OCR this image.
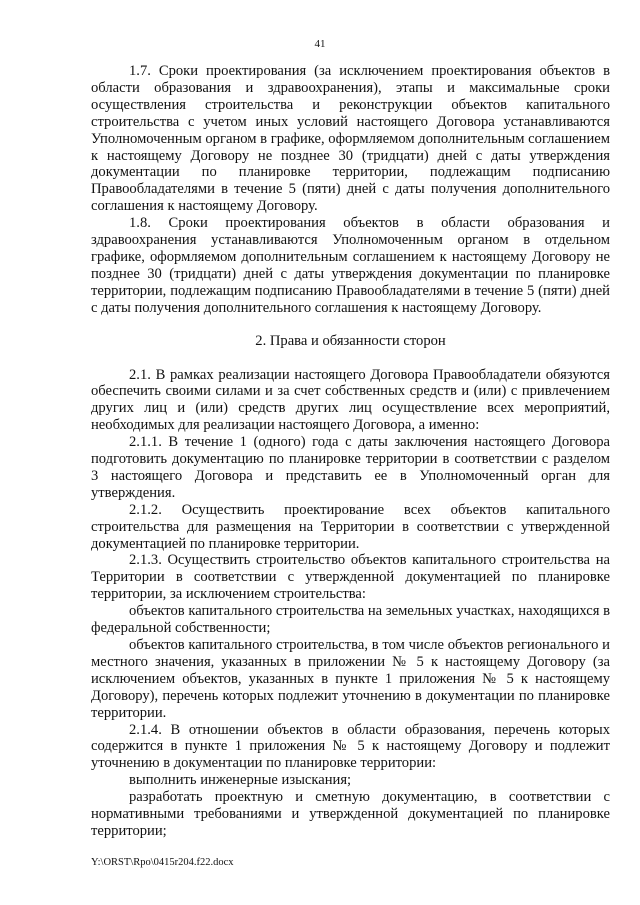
41

1.7. Сроки проектирования (за исключением проектирования объектов в области образования и здравоохранения), этапы и максимальные сроки осуществления строительства и реконструкции объектов капитального строительства с учетом иных условий настоящего Договора устанавливаются Уполномоченным органом в графике, оформляемом дополнительным соглашением к настоящему Договору не позднее 30 (тридцати) дней с даты утверждения документации по планировке территории, подлежащим подписанию Правообладателями в течение 5 (пяти) дней с даты получения дополнительного соглашения к настоящему Договору.

1.8. Сроки проектирования объектов в области образования и здравоохранения устанавливаются Уполномоченным органом в отдельном графике, оформляемом дополнительным соглашением к настоящему Договору не позднее 30 (тридцати) дней с даты утверждения документации по планировке территории, подлежащим подписанию Правообладателями в течение 5 (пяти) дней с даты получения дополнительного соглашения к настоящему Договору.

2. Права и обязанности сторон

2.1. В рамках реализации настоящего Договора Правообладатели обязуются обеспечить своими силами и за счет собственных средств и (или) с привлечением других лиц и (или) средств других лиц осуществление всех мероприятий, необходимых для реализации настоящего Договора, а именно:

2.1.1. В течение 1 (одного) года с даты заключения настоящего Договора подготовить документацию по планировке территории в соответствии с разделом 3 настоящего Договора и представить ее в Уполномоченный орган для утверждения.

2.1.2. Осуществить проектирование всех объектов капитального строительства для размещения на Территории в соответствии с утвержденной документацией по планировке территории.

2.1.3. Осуществить строительство объектов капитального строительства на Территории в соответствии с утвержденной документацией по планировке территории, за исключением строительства:

объектов капитального строительства на земельных участках, находящихся в федеральной собственности;

объектов капитального строительства, в том числе объектов регионального и местного значения, указанных в приложении № 5 к настоящему Договору (за исключением объектов, указанных в пункте 1 приложения № 5 к настоящему Договору), перечень которых подлежит уточнению в документации по планировке территории.

2.1.4. В отношении объектов в области образования, перечень которых содержится в пункте 1 приложения № 5 к настоящему Договору и подлежит уточнению в документации по планировке территории:

выполнить инженерные изыскания;

разработать проектную и сметную документацию, в соответствии с нормативными требованиями и утвержденной документацией по планировке территории;

Y:\ORST\Rpo\0415r204.f22.docx
